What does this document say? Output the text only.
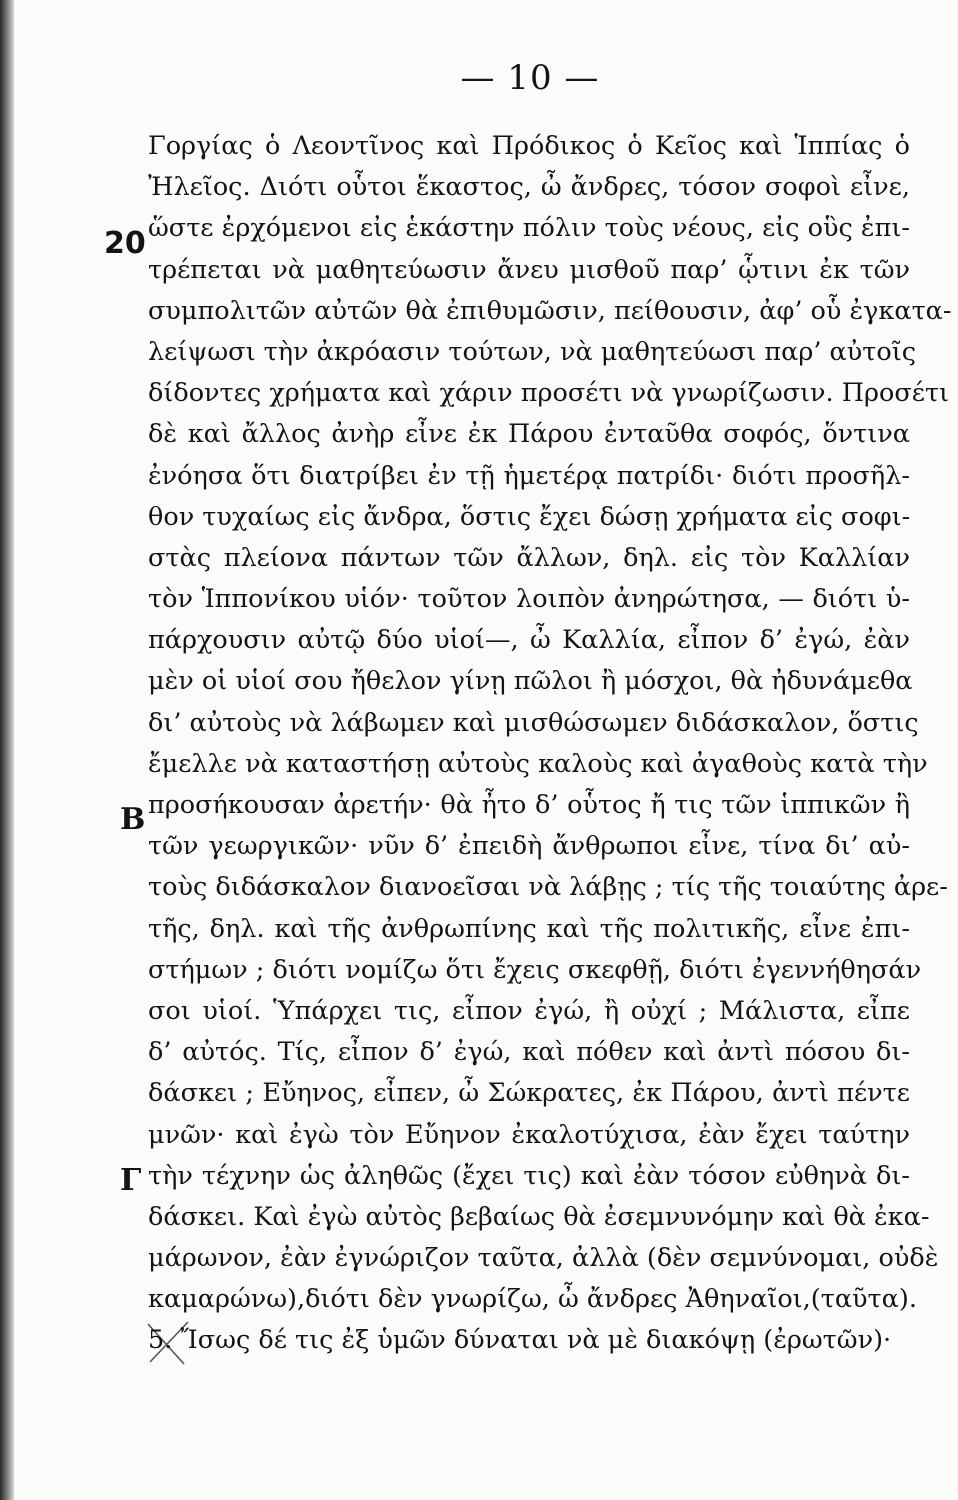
— 10 —
20
Β
Γ
Γοργίας ὁ Λεοντῖνος καὶ Πρόδικος ὁ Κεῖος καὶ Ἱππίας ὁ
Ἠλεῖος. Διότι οὗτοι ἕκαστος, ὦ ἄνδρες, τόσον σοφοὶ εἶνε,
ὥστε ἐρχόμενοι εἰς ἑκάστην πόλιν τοὺς νέους, εἰς οὓς ἐπι-
τρέπεται νὰ μαθητεύωσιν ἄνευ μισθοῦ παρ’ ᾧτινι ἐκ τῶν
συμπολιτῶν αὐτῶν θὰ ἐπιθυμῶσιν, πείθουσιν, ἀφ’ οὗ ἐγκατα-
λείψωσι τὴν ἀκρόασιν τούτων, νὰ μαθητεύωσι παρ’ αὐτοῖς
δίδοντες χρήματα καὶ χάριν προσέτι νὰ γνωρίζωσιν. Προσέτι
δὲ καὶ ἄλλος ἀνὴρ εἶνε ἐκ Πάρου ἐνταῦθα σοφός, ὅντινα
ἐνόησα ὅτι διατρίβει ἐν τῇ ἡμετέρᾳ πατρίδι· διότι προσῆλ-
θον τυχαίως εἰς ἄνδρα, ὅστις ἔχει δώσῃ χρήματα εἰς σοφι-
στὰς πλείονα πάντων τῶν ἄλλων, δηλ. εἰς τὸν Καλλίαν
τὸν Ἱππονίκου υἱόν· τοῦτον λοιπὸν ἀνηρώτησα, — διότι ὑ-
πάρχουσιν αὐτῷ δύο υἱοί—, ὦ Καλλία, εἶπον δ’ ἐγώ, ἐὰν
μὲν οἱ υἱοί σου ἤθελον γίνῃ πῶλοι ἢ μόσχοι, θὰ ἠδυνάμεθα
δι’ αὐτοὺς νὰ λάβωμεν καὶ μισθώσωμεν διδάσκαλον, ὅστις
ἔμελλε νὰ καταστήσῃ αὐτοὺς καλοὺς καὶ ἀγαθοὺς κατὰ τὴν
προσήκουσαν ἀρετήν· θὰ ἦτο δ’ οὗτος ἤ τις τῶν ἱππικῶν ἢ
τῶν γεωργικῶν· νῦν δ’ ἐπειδὴ ἄνθρωποι εἶνε, τίνα δι’ αὐ-
τοὺς διδάσκαλον διανοεῖσαι νὰ λάβῃς ; τίς τῆς τοιαύτης ἀρε-
τῆς, δηλ. καὶ τῆς ἀνθρωπίνης καὶ τῆς πολιτικῆς, εἶνε ἐπι-
στήμων ; διότι νομίζω ὅτι ἔχεις σκεφθῇ, διότι ἐγεννήθησάν
σοι υἱοί. Ὑπάρχει τις, εἶπον ἐγώ, ἢ οὐχί ; Μάλιστα, εἶπε
δ’ αὐτός. Τίς, εἶπον δ’ ἐγώ, καὶ πόθεν καὶ ἀντὶ πόσου δι-
δάσκει ; Εὔηνος, εἶπεν, ὦ Σώκρατες, ἐκ Πάρου, ἀντὶ πέντε
μνῶν· καὶ ἐγὼ τὸν Εὔηνον ἐκαλοτύχισα, ἐὰν ἔχει ταύτην
τὴν τέχνην ὡς ἀληθῶς (ἔχει τις) καὶ ἐὰν τόσον εὐθηνὰ δι-
δάσκει. Καὶ ἐγὼ αὐτὸς βεβαίως θὰ ἐσεμνυνόμην καὶ θὰ ἐκα-
μάρωνον, ἐὰν ἐγνώριζον ταῦτα, ἀλλὰ (δὲν σεμνύνομαι, οὐδὲ
καμαρώνω),διότι δὲν γνωρίζω, ὦ ἄνδρες Ἀθηναῖοι,(ταῦτα).
5. Ἴσως δέ τις ἐξ ὑμῶν δύναται νὰ μὲ διακόψῃ (ἐρωτῶν)·
